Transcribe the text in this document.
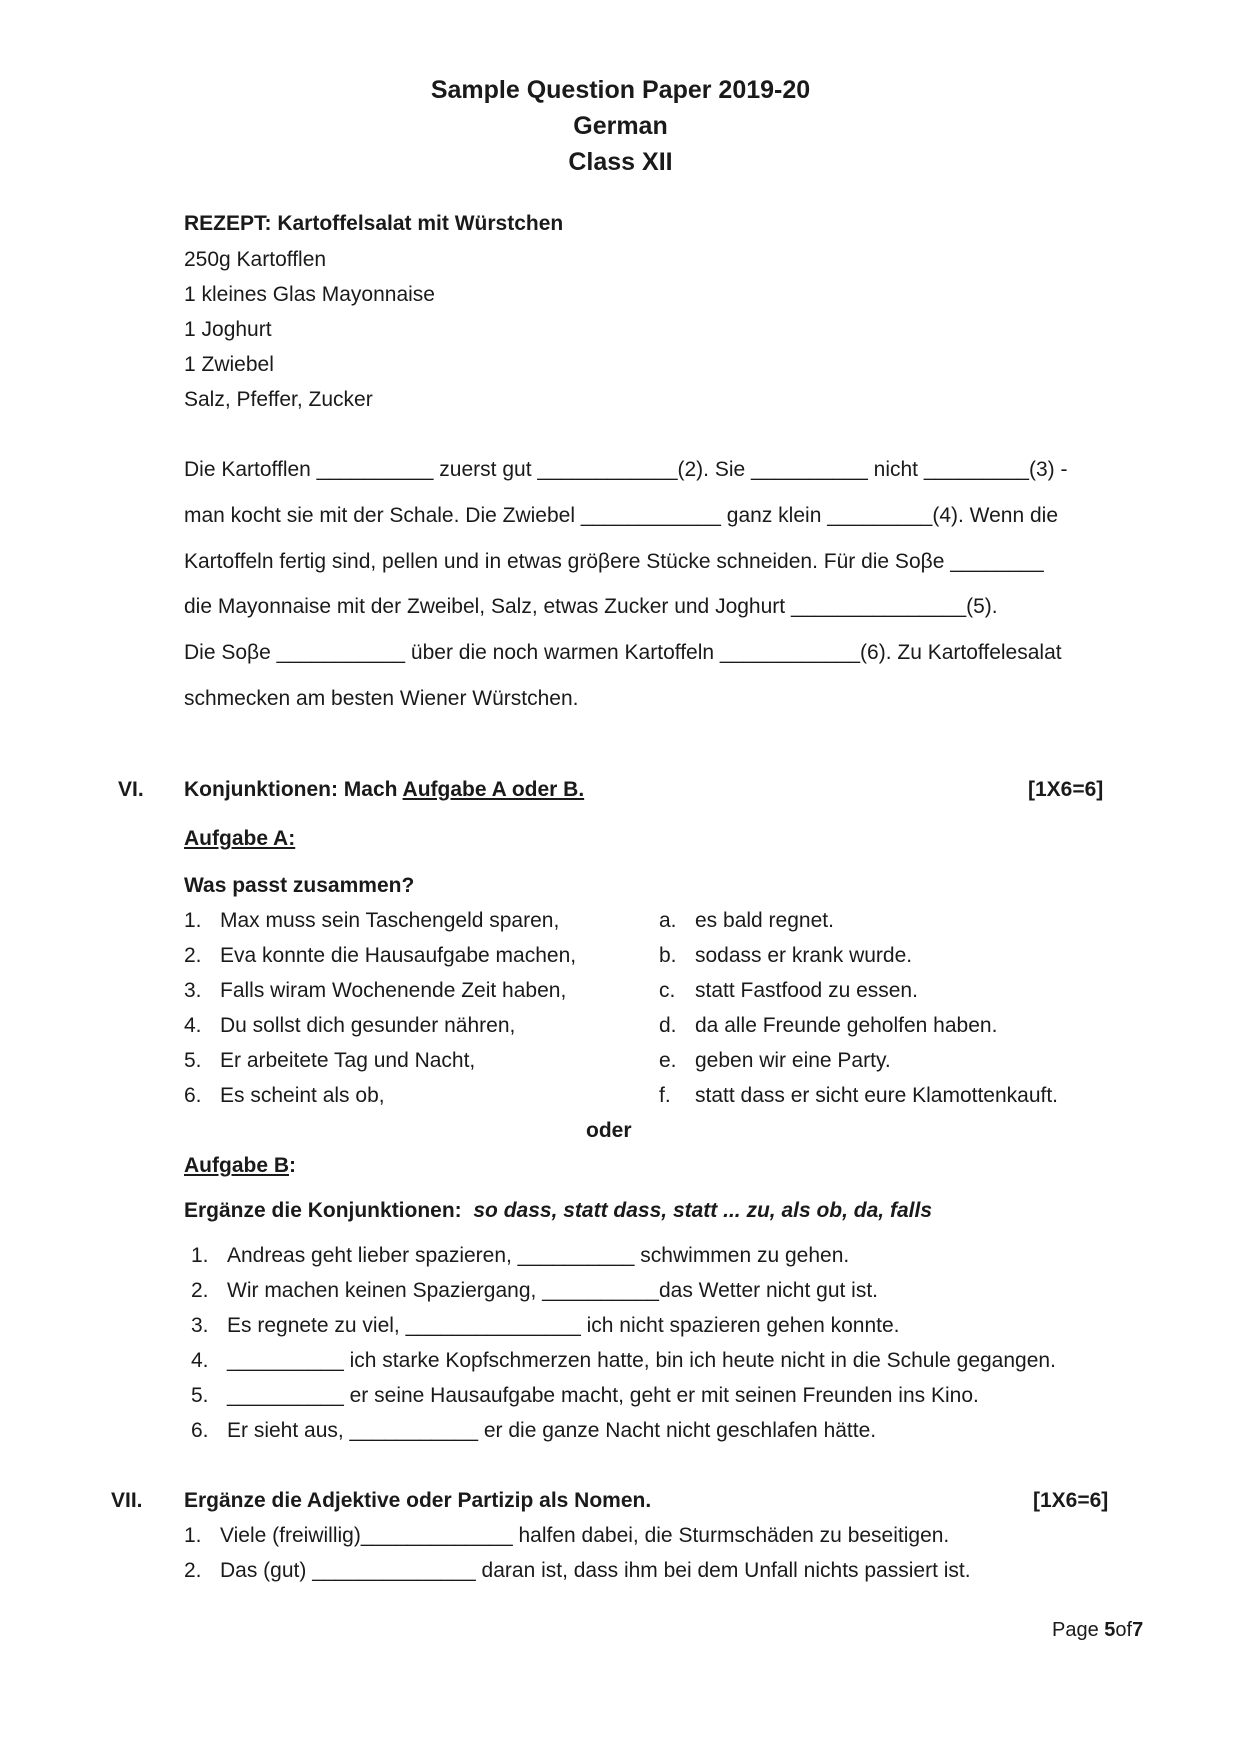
Sample Question Paper 2019-20
German
Class XII
REZEPT: Kartoffelsalat mit Würstchen
250g Kartofflen
1 kleines Glas Mayonnaise
1 Joghurt
1 Zwiebel
Salz, Pfeffer, Zucker
Die Kartofflen __________ zuerst gut ____________(2). Sie __________ nicht _________(3) -
man kocht sie mit der Schale. Die Zwiebel ____________ ganz klein _________(4). Wenn die
Kartoffeln fertig sind, pellen und in etwas gröβere Stücke schneiden. Für die Soβe ________
die Mayonnaise mit der Zweibel, Salz, etwas Zucker und Joghurt _______________(5).
Die Soβe ___________ über die noch warmen Kartoffeln ____________(6). Zu Kartoffelesalat
schmecken am besten Wiener Würstchen.
VI. Konjunktionen: Mach Aufgabe A oder B.	[1X6=6]
Aufgabe A:
Was passt zusammen?
1. Max muss sein Taschengeld sparen,
2. Eva konnte die Hausaufgabe machen,
3. Falls wiram Wochenende Zeit haben,
4. Du sollst dich gesunder nähren,
5. Er arbeitete Tag und Nacht,
6. Es scheint als ob,
a. es bald regnet.
b. sodass er krank wurde.
c. statt Fastfood zu essen.
d. da alle Freunde geholfen haben.
e. geben wir eine Party.
f. statt dass er sicht eure Klamottenkauft.
oder
Aufgabe B:
Ergänze die Konjunktionen:  so dass, statt dass, statt ... zu, als ob, da, falls
1. Andreas geht lieber spazieren, __________ schwimmen zu gehen.
2. Wir machen keinen Spaziergang, __________das Wetter nicht gut ist.
3. Es regnete zu viel, _______________ ich nicht spazieren gehen konnte.
4. __________ ich starke Kopfschmerzen hatte, bin ich heute nicht in die Schule gegangen.
5. __________ er seine Hausaufgabe macht, geht er mit seinen Freunden ins Kino.
6. Er sieht aus, ___________ er die ganze Nacht nicht geschlafen hätte.
VII. Ergänze die Adjektive oder Partizip als Nomen.	[1X6=6]
1. Viele (freiwillig)_____________ halfen dabei, die Sturmschäden zu beseitigen.
2. Das (gut) ______________ daran ist, dass ihm bei dem Unfall nichts passiert ist.
Page 5of7
